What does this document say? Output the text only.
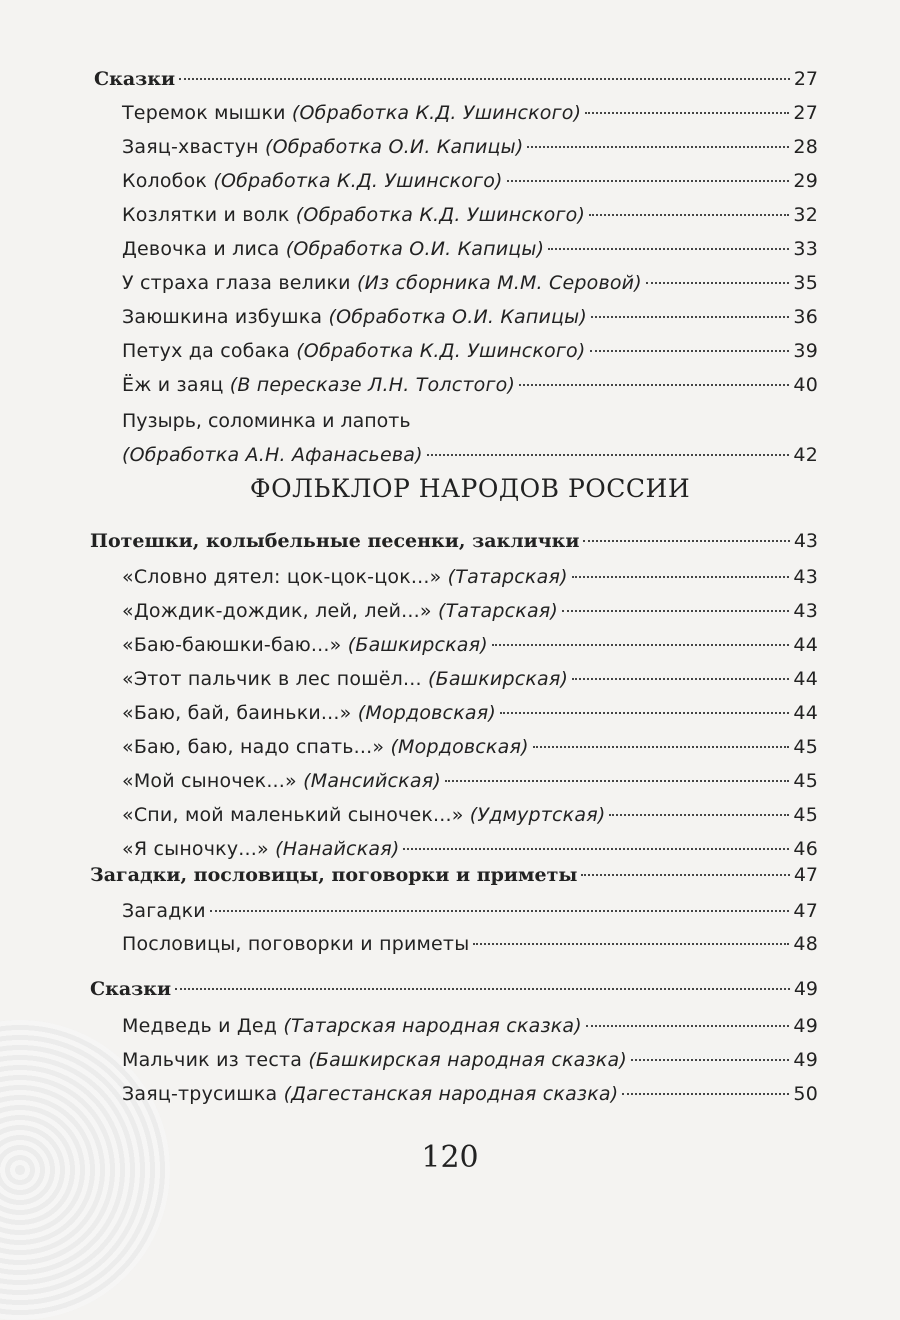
Сказки	27
Теремок мышки (Обработка К.Д. Ушинского)	27
Заяц-хвастун (Обработка О.И. Капицы)	28
Колобок (Обработка К.Д. Ушинского)	29
Козлятки и волк (Обработка К.Д. Ушинского)	32
Девочка и лиса (Обработка О.И. Капицы)	33
У страха глаза велики (Из сборника М.М. Серовой)	35
Заюшкина избушка (Обработка О.И. Капицы)	36
Петух да собака (Обработка К.Д. Ушинского)	39
Ёж и заяц (В пересказе Л.Н. Толстого)	40
Пузырь, соломинка и лапоть
(Обработка А.Н. Афанасьева)	42
ФОЛЬКЛОР НАРОДОВ РОССИИ
Потешки, колыбельные песенки, заклички	43
«Словно дятел: цок-цок-цок...» (Татарская)	43
«Дождик-дождик, лей, лей...» (Татарская)	43
«Баю-баюшки-баю...» (Башкирская)	44
«Этот пальчик в лес пошёл... (Башкирская)	44
«Баю, бай, баиньки...» (Мордовская)	44
«Баю, баю, надо спать...» (Мордовская)	45
«Мой сыночек...» (Мансийская)	45
«Спи, мой маленький сыночек...» (Удмуртская)	45
«Я сыночку...» (Нанайская)	46
Загадки, пословицы, поговорки и приметы	47
Загадки	47
Пословицы, поговорки и приметы	48
Сказки	49
Медведь и Дед (Татарская народная сказка)	49
Мальчик из теста (Башкирская народная сказка)	49
Заяц-трусишка (Дагестанская народная сказка)	50
120
